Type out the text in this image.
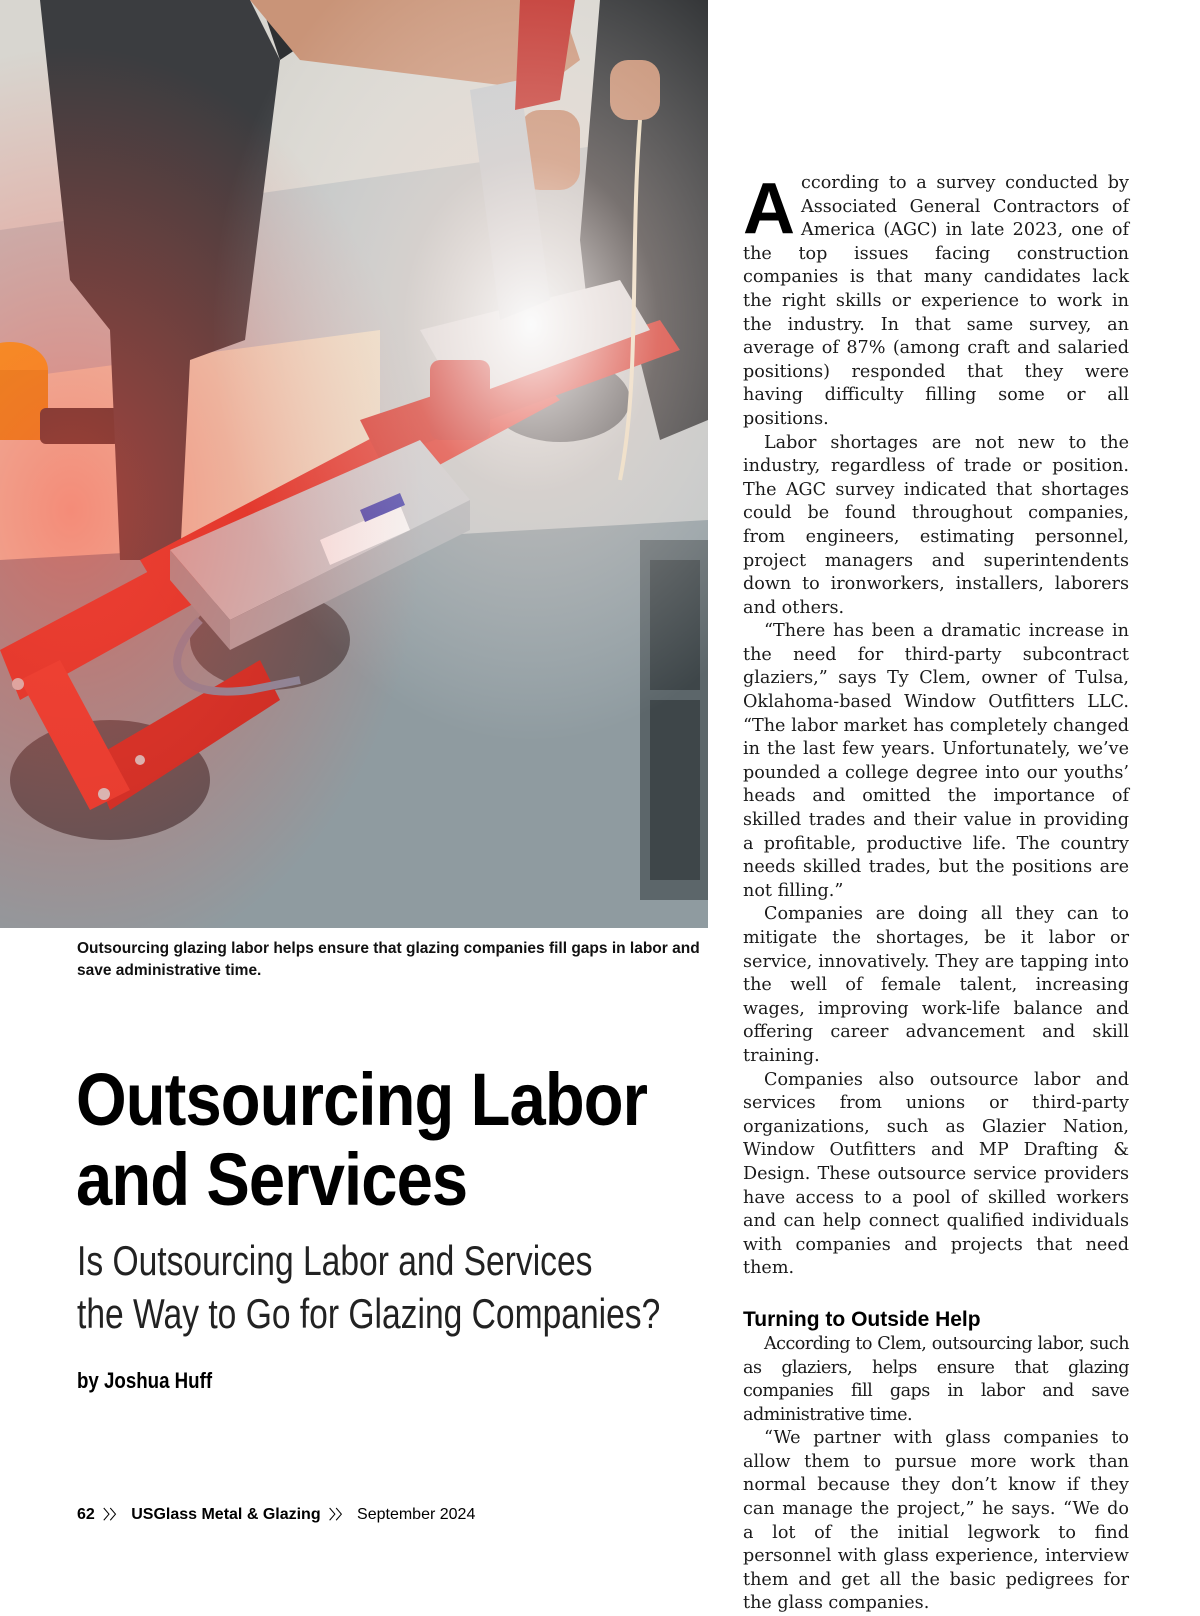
Outsourcing glazing labor helps ensure that glazing companies fill gaps in labor and save administrative time.
Outsourcing Labor
and Services
Is Outsourcing Labor and Services
the Way to Go for Glazing Companies?
by Joshua Huff

According to a survey conducted by Associated General Contractors of America (AGC) in late 2023, one of the top issues facing construction companies is that many candidates lack the right skills or experience to work in the industry. In that same survey, an average of 87% (among craft and salaried positions) responded that they were having difficulty filling some or all positions.

Labor shortages are not new to the industry, regardless of trade or position. The AGC survey indicated that shortages could be found throughout companies, from engineers, estimating personnel, project managers and superintendents down to ironworkers, installers, laborers and others.

“There has been a dramatic increase in the need for third-party subcontract glaziers,” says Ty Clem, owner of Tulsa, Oklahoma-based Window Outfitters LLC. “The labor market has completely changed in the last few years. Unfortunately, we’ve pounded a college degree into our youths’ heads and omitted the importance of skilled trades and their value in providing a profitable, productive life. The country needs skilled trades, but the positions are not filling.”

Companies are doing all they can to mitigate the shortages, be it labor or service, innovatively. They are tapping into the well of female talent, increasing wages, improving work-life balance and offering career advancement and skill training.

Companies also outsource labor and services from unions or third-party organizations, such as Glazier Nation, Window Outfitters and MP Drafting & Design. These outsource service providers have access to a pool of skilled workers and can help connect qualified individuals with companies and projects that need them.

Turning to Outside Help

According to Clem, outsourcing labor, such as glaziers, helps ensure that glazing companies fill gaps in labor and save administrative time.

“We partner with glass companies to allow them to pursue more work than normal because they don’t know if they can manage the project,” he says. “We do a lot of the initial legwork to find personnel with glass experience, interview them and get all the basic pedigrees for the glass companies.

62 〉〉 USGlass Metal & Glazing 〉〉 September 2024
